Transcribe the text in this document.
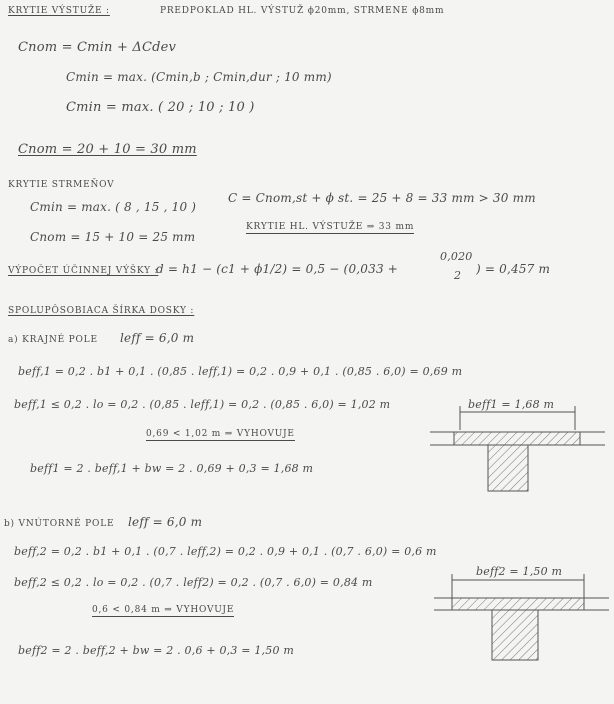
KRYTIE VÝSTUŽE :	PREDPOKLAD HL. VÝSTUŽ ϕ20mm, STRMENE ϕ8mm
Cnom = Cmin + ΔCdev
Cmin = max. (Cmin,b ; Cmin,dur ; 10 mm)
Cmin = max. ( 20 ; 10 ; 10 )
Cnom = 20 + 10 = 30 mm
KRYTIE STRMEŇOV
Cmin = max. ( 8 , 15 , 10 )
Cnom = 15 + 10 = 25 mm
C = Cnom,st + ϕ st. = 25 + 8 = 33 mm > 30 mm
KRYTIE HL. VÝSTUŽE ⇒ 33 mm
VÝPOČET ÚČINNEJ VÝŠKY :
d = h1 − (c1 + ϕ1/2) = 0,5 − (0,033 +
0,020
2 ) = 0,457 m
SPOLUPÔSOBIACA ŠÍRKA DOSKY :
a) KRAJNÉ POLE leff = 6,0 m
beff,1 = 0,2 . b1 + 0,1 . (0,85 . leff,1) = 0,2 . 0,9 + 0,1 . (0,85 . 6,0) = 0,69 m
beff,1 ≤ 0,2 . lo = 0,2 . (0,85 . leff,1) = 0,2 . (0,85 . 6,0) = 1,02 m
0,69 < 1,02 m ⇒ VYHOVUJE
beff1 = 2 . beff,1 + bw = 2 . 0,69 + 0,3 = 1,68 m
b) VNÚTORNÉ POLE leff = 6,0 m
beff,2 = 0,2 . b1 + 0,1 . (0,7 . leff,2) = 0,2 . 0,9 + 0,1 . (0,7 . 6,0) = 0,6 m
beff,2 ≤ 0,2 . lo = 0,2 . (0,7 . leff2) = 0,2 . (0,7 . 6,0) = 0,84 m
0,6 < 0,84 m ⇒ VYHOVUJE
beff2 = 2 . beff,2 + bw = 2 . 0,6 + 0,3 = 1,50 m
beff1 = 1,68 m
beff2 = 1,50 m
